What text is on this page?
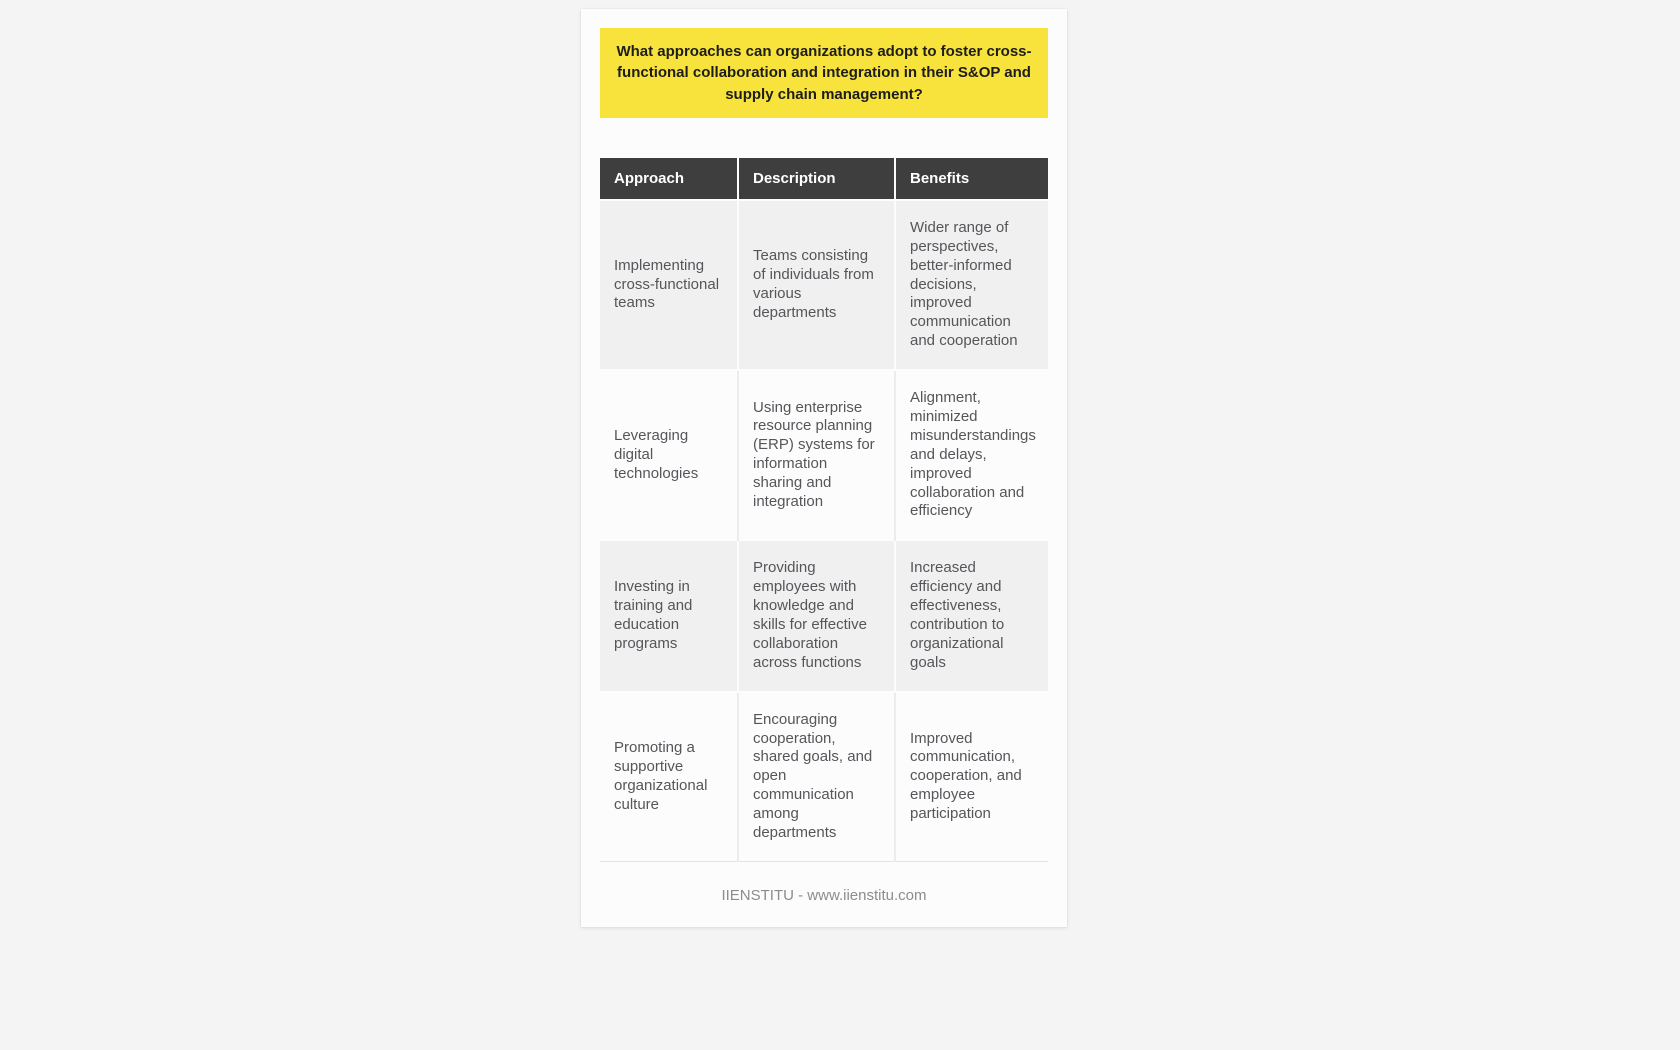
What approaches can organizations adopt to foster cross-functional collaboration and integration in their S&OP and supply chain management?
Approach	Description	Benefits
Implementing cross-functional teams	Teams consisting of individuals from various departments	Wider range of perspectives, better-informed decisions, improved communication and cooperation
Leveraging digital technologies	Using enterprise resource planning (ERP) systems for information sharing and integration	Alignment, minimized misunderstandings and delays, improved collaboration and efficiency
Investing in training and education programs	Providing employees with knowledge and skills for effective collaboration across functions	Increased efficiency and effectiveness, contribution to organizational goals
Promoting a supportive organizational culture	Encouraging cooperation, shared goals, and open communication among departments	Improved communication, cooperation, and employee participation
IIENSTITU - www.iienstitu.com
